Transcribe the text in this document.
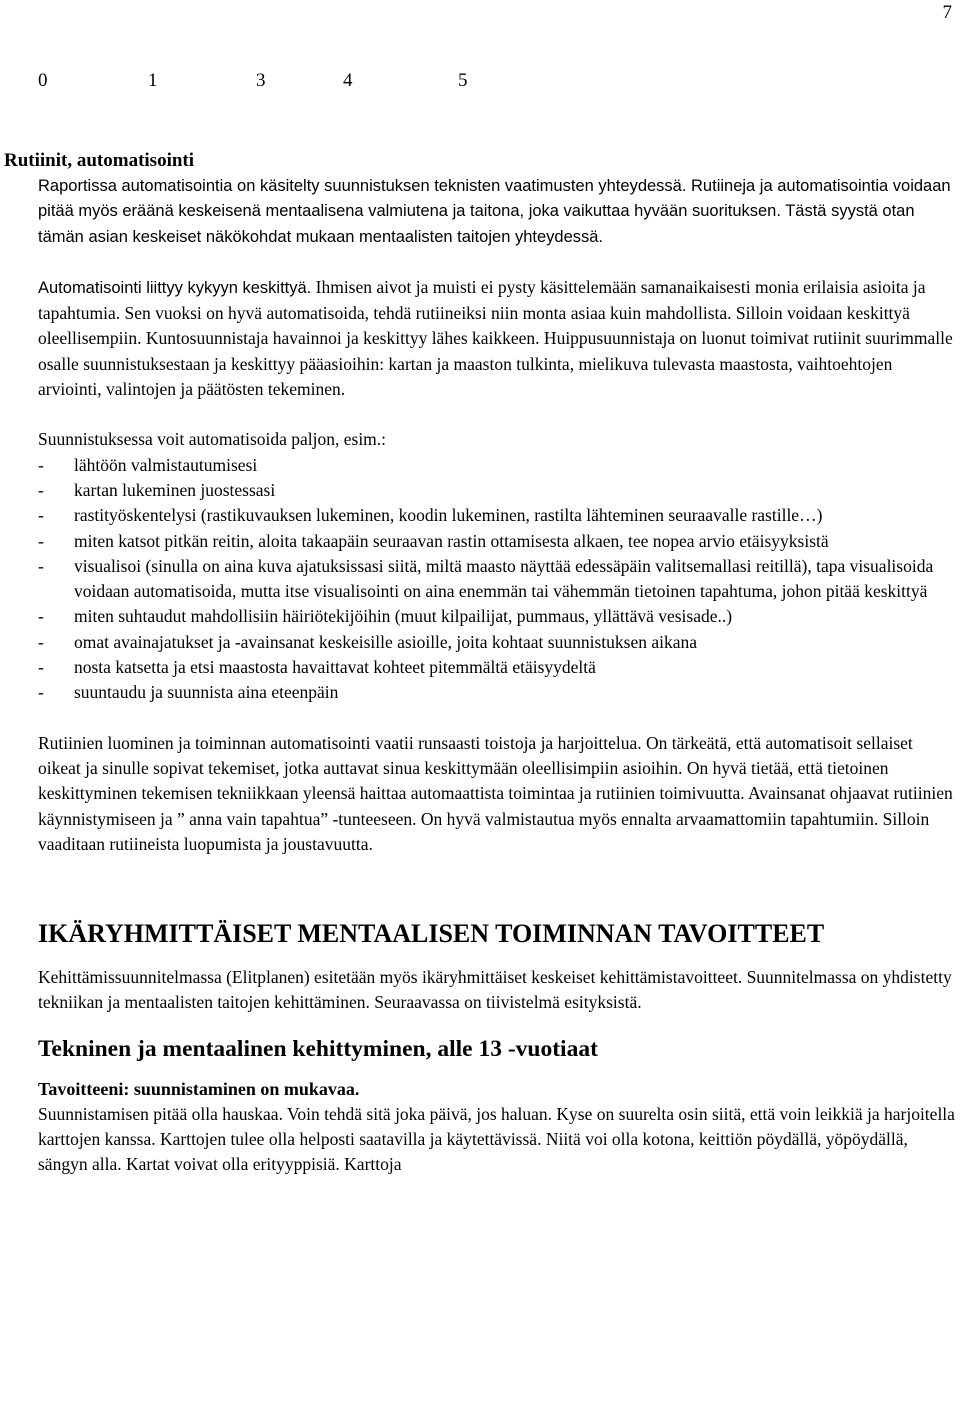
7
0	1	3	4	5
Rutiinit, automatisointi

Raportissa automatisointia on käsitelty suunnistuksen teknisten vaatimusten yhteydessä. Rutiineja ja automatisointia voidaan pitää myös eräänä keskeisenä mentaalisena valmiutena ja taitona, joka vaikuttaa hyvään suorituksen. Tästä syystä otan tämän asian keskeiset näkökohdat mukaan mentaalisten taitojen yhteydessä.

Automatisointi liittyy kykyyn keskittyä. Ihmisen aivot ja muisti ei pysty käsittelemään samanaikaisesti monia erilaisia asioita ja tapahtumia. Sen vuoksi on hyvä automatisoida, tehdä rutiineiksi niin monta asiaa kuin mahdollista. Silloin voidaan keskittyä oleellisempiin. Kuntosuunnistaja havainnoi ja keskittyy lähes kaikkeen. Huippusuunnistaja on luonut toimivat rutiinit suurimmalle osalle suunnistuksestaan ja keskittyy pääasioihin: kartan ja maaston tulkinta, mielikuva tulevasta maastosta, vaihtoehtojen arviointi, valintojen ja päätösten tekeminen.

Suunnistuksessa voit automatisoida paljon, esim.:

- lähtöön valmistautumisesi
- kartan lukeminen juostessasi
- rastityöskentelysi (rastikuvauksen lukeminen, koodin lukeminen, rastilta lähteminen seuraavalle rastille…)
- miten katsot pitkän reitin, aloita takaapäin seuraavan rastin ottamisesta alkaen, tee nopea arvio etäisyyksistä
- visualisoi (sinulla on aina kuva ajatuksissasi siitä, miltä maasto näyttää edessäpäin valitsemallasi reitillä), tapa visualisoida voidaan automatisoida, mutta itse visualisointi on aina enemmän tai vähemmän tietoinen tapahtuma, johon pitää keskittyä
- miten suhtaudut mahdollisiin häiriötekijöihin (muut kilpailijat, pummaus, yllättävä vesisade..)
- omat avainajatukset ja -avainsanat keskeisille asioille, joita kohtaat suunnistuksen aikana
- nosta katsetta ja etsi maastosta havaittavat kohteet pitemmältä etäisyydeltä
- suuntaudu ja suunnista aina eteenpäin

Rutiinien luominen ja toiminnan automatisointi vaatii runsaasti toistoja ja harjoittelua. On tärkeätä, että automatisoit sellaiset oikeat ja sinulle sopivat tekemiset, jotka auttavat sinua keskittymään oleellisimpiin asioihin. On hyvä tietää, että tietoinen keskittyminen tekemisen tekniikkaan yleensä haittaa automaattista toimintaa ja rutiinien toimivuutta. Avainsanat ohjaavat rutiinien käynnistymiseen ja ” anna vain tapahtua” -tunteeseen. On hyvä valmistautua myös ennalta arvaamattomiin tapahtumiin. Silloin vaaditaan rutiineista luopumista ja joustavuutta.

IKÄRYHMITTÄISET MENTAALISEN TOIMINNAN TAVOITTEET

Kehittämissuunnitelmassa (Elitplanen) esitetään myös ikäryhmittäiset keskeiset kehittämistavoitteet. Suunnitelmassa on yhdistetty tekniikan ja mentaalisten taitojen kehittäminen. Seuraavassa on tiivistelmä esityksistä.

Tekninen ja mentaalinen kehittyminen, alle 13 -vuotiaat
Tavoitteeni: suunnistaminen on mukavaa.

Suunnistamisen pitää olla hauskaa. Voin tehdä sitä joka päivä, jos haluan. Kyse on suurelta osin siitä, että voin leikkiä ja harjoitella karttojen kanssa. Karttojen tulee olla helposti saatavilla ja käytettävissä. Niitä voi olla kotona, keittiön pöydällä, yöpöydällä, sängyn alla. Kartat voivat olla erityyppisiä. Karttoja
